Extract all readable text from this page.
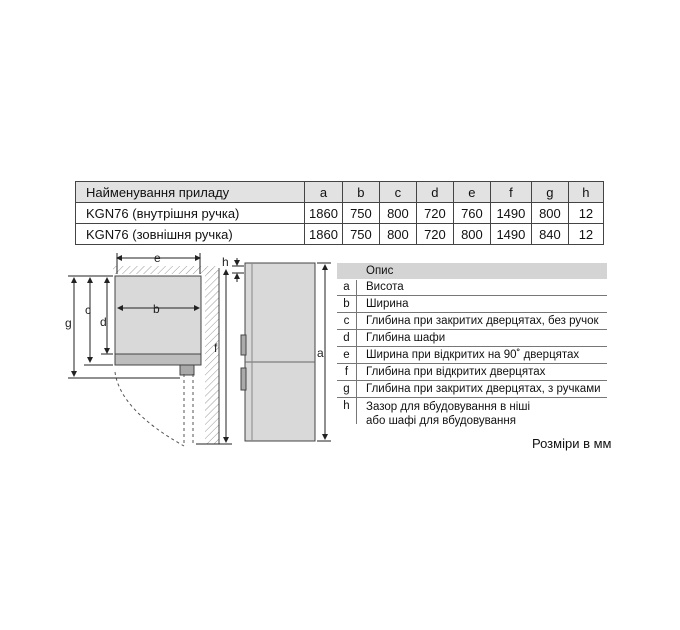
Найменування приладу	a	b	c	d	e	f	g	h
KGN76 (внутрішня ручка)	1860	750	800	720	760	1490	800	12
KGN76 (зовнішня ручка)	1860	750	800	720	800	1490	840	12
e
b
g
c
d
f
h
a
Опис
a	Висота
b	Ширина
c	Глибина при закритих дверцятах, без ручок
d	Глибина шафи
e	Ширина при відкритих на 90˚ дверцятах
f	Глибина при відкритих дверцятах
g	Глибина при закритих дверцятах, з ручками
h	Зазор для вбудовування в ніші
або шафі для вбудовування
Розміри в мм
